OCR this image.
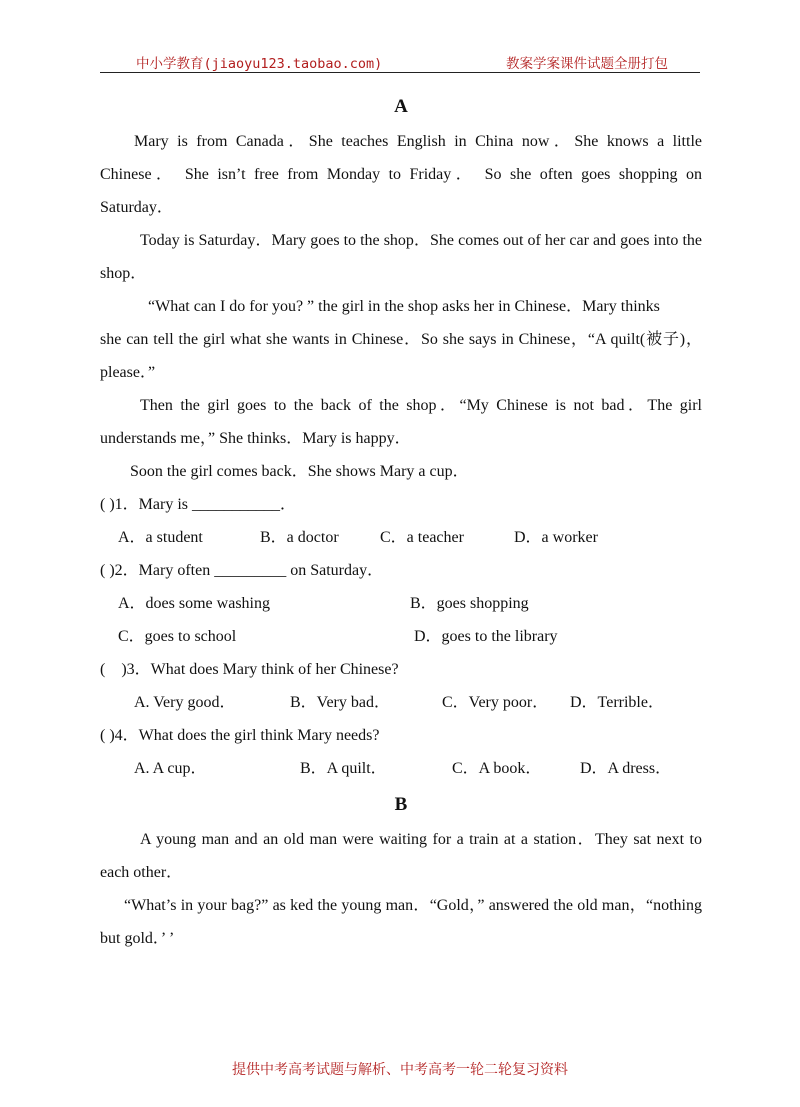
中小学教育(jiaoyu123.taobao.com)	教案学案课件试题全册打包
A

Mary is from Canada．She teaches English in China now．She knows a little Chinese． She isn’t free from Monday to Friday． So she often goes shopping on Saturday．

Today is Saturday．Mary goes to the shop．She comes out of her car and goes into the shop．

“What can I do for you? ” the girl in the shop asks her in Chinese．Mary thinks

she can tell the girl what she wants in Chinese．So she says in Chinese，“A quilt(被子)，please．”

Then the girl goes to the back of the shop．“My Chinese is not bad．The girl understands me，” She thinks．Mary is happy．

Soon the girl comes back．She shows Mary a cup．

( )1．Mary is ___________．
A．a student	B．a doctor	C．a teacher	D．a worker
( )2．Mary often _________ on Saturday．
A．does some washing	B．goes shopping
C．goes to school	D．goes to the library
(　)3．What does Mary think of her Chinese?
A. Very good．	B．Very bad．	C．Very poor． D．Terrible．
( )4．What does the girl think Mary needs?
A. A cup．	B．A quilt．	C．A book． D．A dress．
B

A young man and an old man were waiting for a train at a station．They sat next to each other．

“What’s in your bag?” as ked the young man．“Gold，” answered the old man，“nothing but gold．’ ’

提供中考高考试题与解析、中考高考一轮二轮复习资料
